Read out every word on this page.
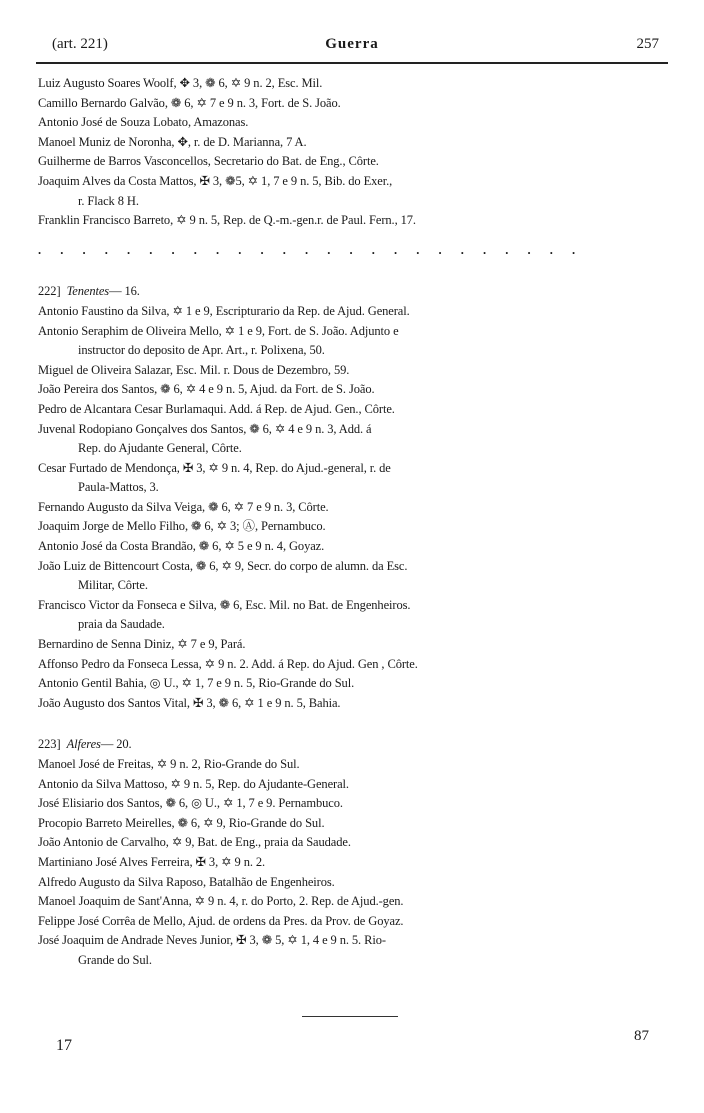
(art. 221)	Guerra	257
Luiz Augusto Soares Woolf, ✥ 3, ❁ 6, ✡ 9 n. 2, Esc. Mil.
Camillo Bernardo Galvão, ❁ 6, ✡ 7 e 9 n. 3, Fort. de S. João.
Antonio José de Souza Lobato, Amazonas.
Manoel Muniz de Noronha, ✥, r. de D. Marianna, 7 A.
Guilherme de Barros Vasconcellos, Secretario do Bat. de Eng., Côrte.
Joaquim Alves da Costa Mattos, ✠ 3, ❁5, ✡ 1, 7 e 9 n. 5, Bib. do Exer.,
r. Flack 8 H.
Franklin Francisco Barreto, ✡ 9 n. 5, Rep. de Q.-m.-gen.r. de Paul. Fern., 17.
. . . . . . . . . . . . . . . . . . . . . . . . .
222] Tenentes— 16.
Antonio Faustino da Silva, ✡ 1 e 9, Escripturario da Rep. de Ajud. General.
Antonio Seraphim de Oliveira Mello, ✡ 1 e 9, Fort. de S. João. Adjunto e
instructor do deposito de Apr. Art., r. Polixena, 50.
Miguel de Oliveira Salazar, Esc. Mil. r. Dous de Dezembro, 59.
João Pereira dos Santos, ❁ 6, ✡ 4 e 9 n. 5, Ajud. da Fort. de S. João.
Pedro de Alcantara Cesar Burlamaqui. Add. á Rep. de Ajud. Gen., Côrte.
Juvenal Rodopiano Gonçalves dos Santos, ❁ 6, ✡ 4 e 9 n. 3, Add. á
Rep. do Ajudante General, Côrte.
Cesar Furtado de Mendonça, ✠ 3, ✡ 9 n. 4, Rep. do Ajud.-general, r. de
Paula-Mattos, 3.
Fernando Augusto da Silva Veiga, ❁ 6, ✡ 7 e 9 n. 3, Côrte.
Joaquim Jorge de Mello Filho, ❁ 6, ✡ 3; Ⓐ, Pernambuco.
Antonio José da Costa Brandão, ❁ 6, ✡ 5 e 9 n. 4, Goyaz.
João Luiz de Bittencourt Costa, ❁ 6, ✡ 9, Secr. do corpo de alumn. da Esc.
Militar, Côrte.
Francisco Victor da Fonseca e Silva, ❁ 6, Esc. Mil. no Bat. de Engenheiros.
praia da Saudade.
Bernardino de Senna Diniz, ✡ 7 e 9, Pará.
Affonso Pedro da Fonseca Lessa, ✡ 9 n. 2. Add. á Rep. do Ajud. Gen , Côrte.
Antonio Gentil Bahia, ◎ U., ✡ 1, 7 e 9 n. 5, Rio-Grande do Sul.
João Augusto dos Santos Vital, ✠ 3, ❁ 6, ✡ 1 e 9 n. 5, Bahia.
223] Alferes— 20.
Manoel José de Freitas, ✡ 9 n. 2, Rio-Grande do Sul.
Antonio da Silva Mattoso, ✡ 9 n. 5, Rep. do Ajudante-General.
José Elisiario dos Santos, ❁ 6, ◎ U., ✡ 1, 7 e 9. Pernambuco.
Procopio Barreto Meirelles, ❁ 6, ✡ 9, Rio-Grande do Sul.
João Antonio de Carvalho, ✡ 9, Bat. de Eng., praia da Saudade.
Martiniano José Alves Ferreira, ✠ 3, ✡ 9 n. 2.
Alfredo Augusto da Silva Raposo, Batalhão de Engenheiros.
Manoel Joaquim de Sant'Anna, ✡ 9 n. 4, r. do Porto, 2. Rep. de Ajud.-gen.
Felippe José Corrêa de Mello, Ajud. de ordens da Pres. da Prov. de Goyaz.
José Joaquim de Andrade Neves Junior, ✠ 3, ❁ 5, ✡ 1, 4 e 9 n. 5. Rio-
Grande do Sul.
17
87
